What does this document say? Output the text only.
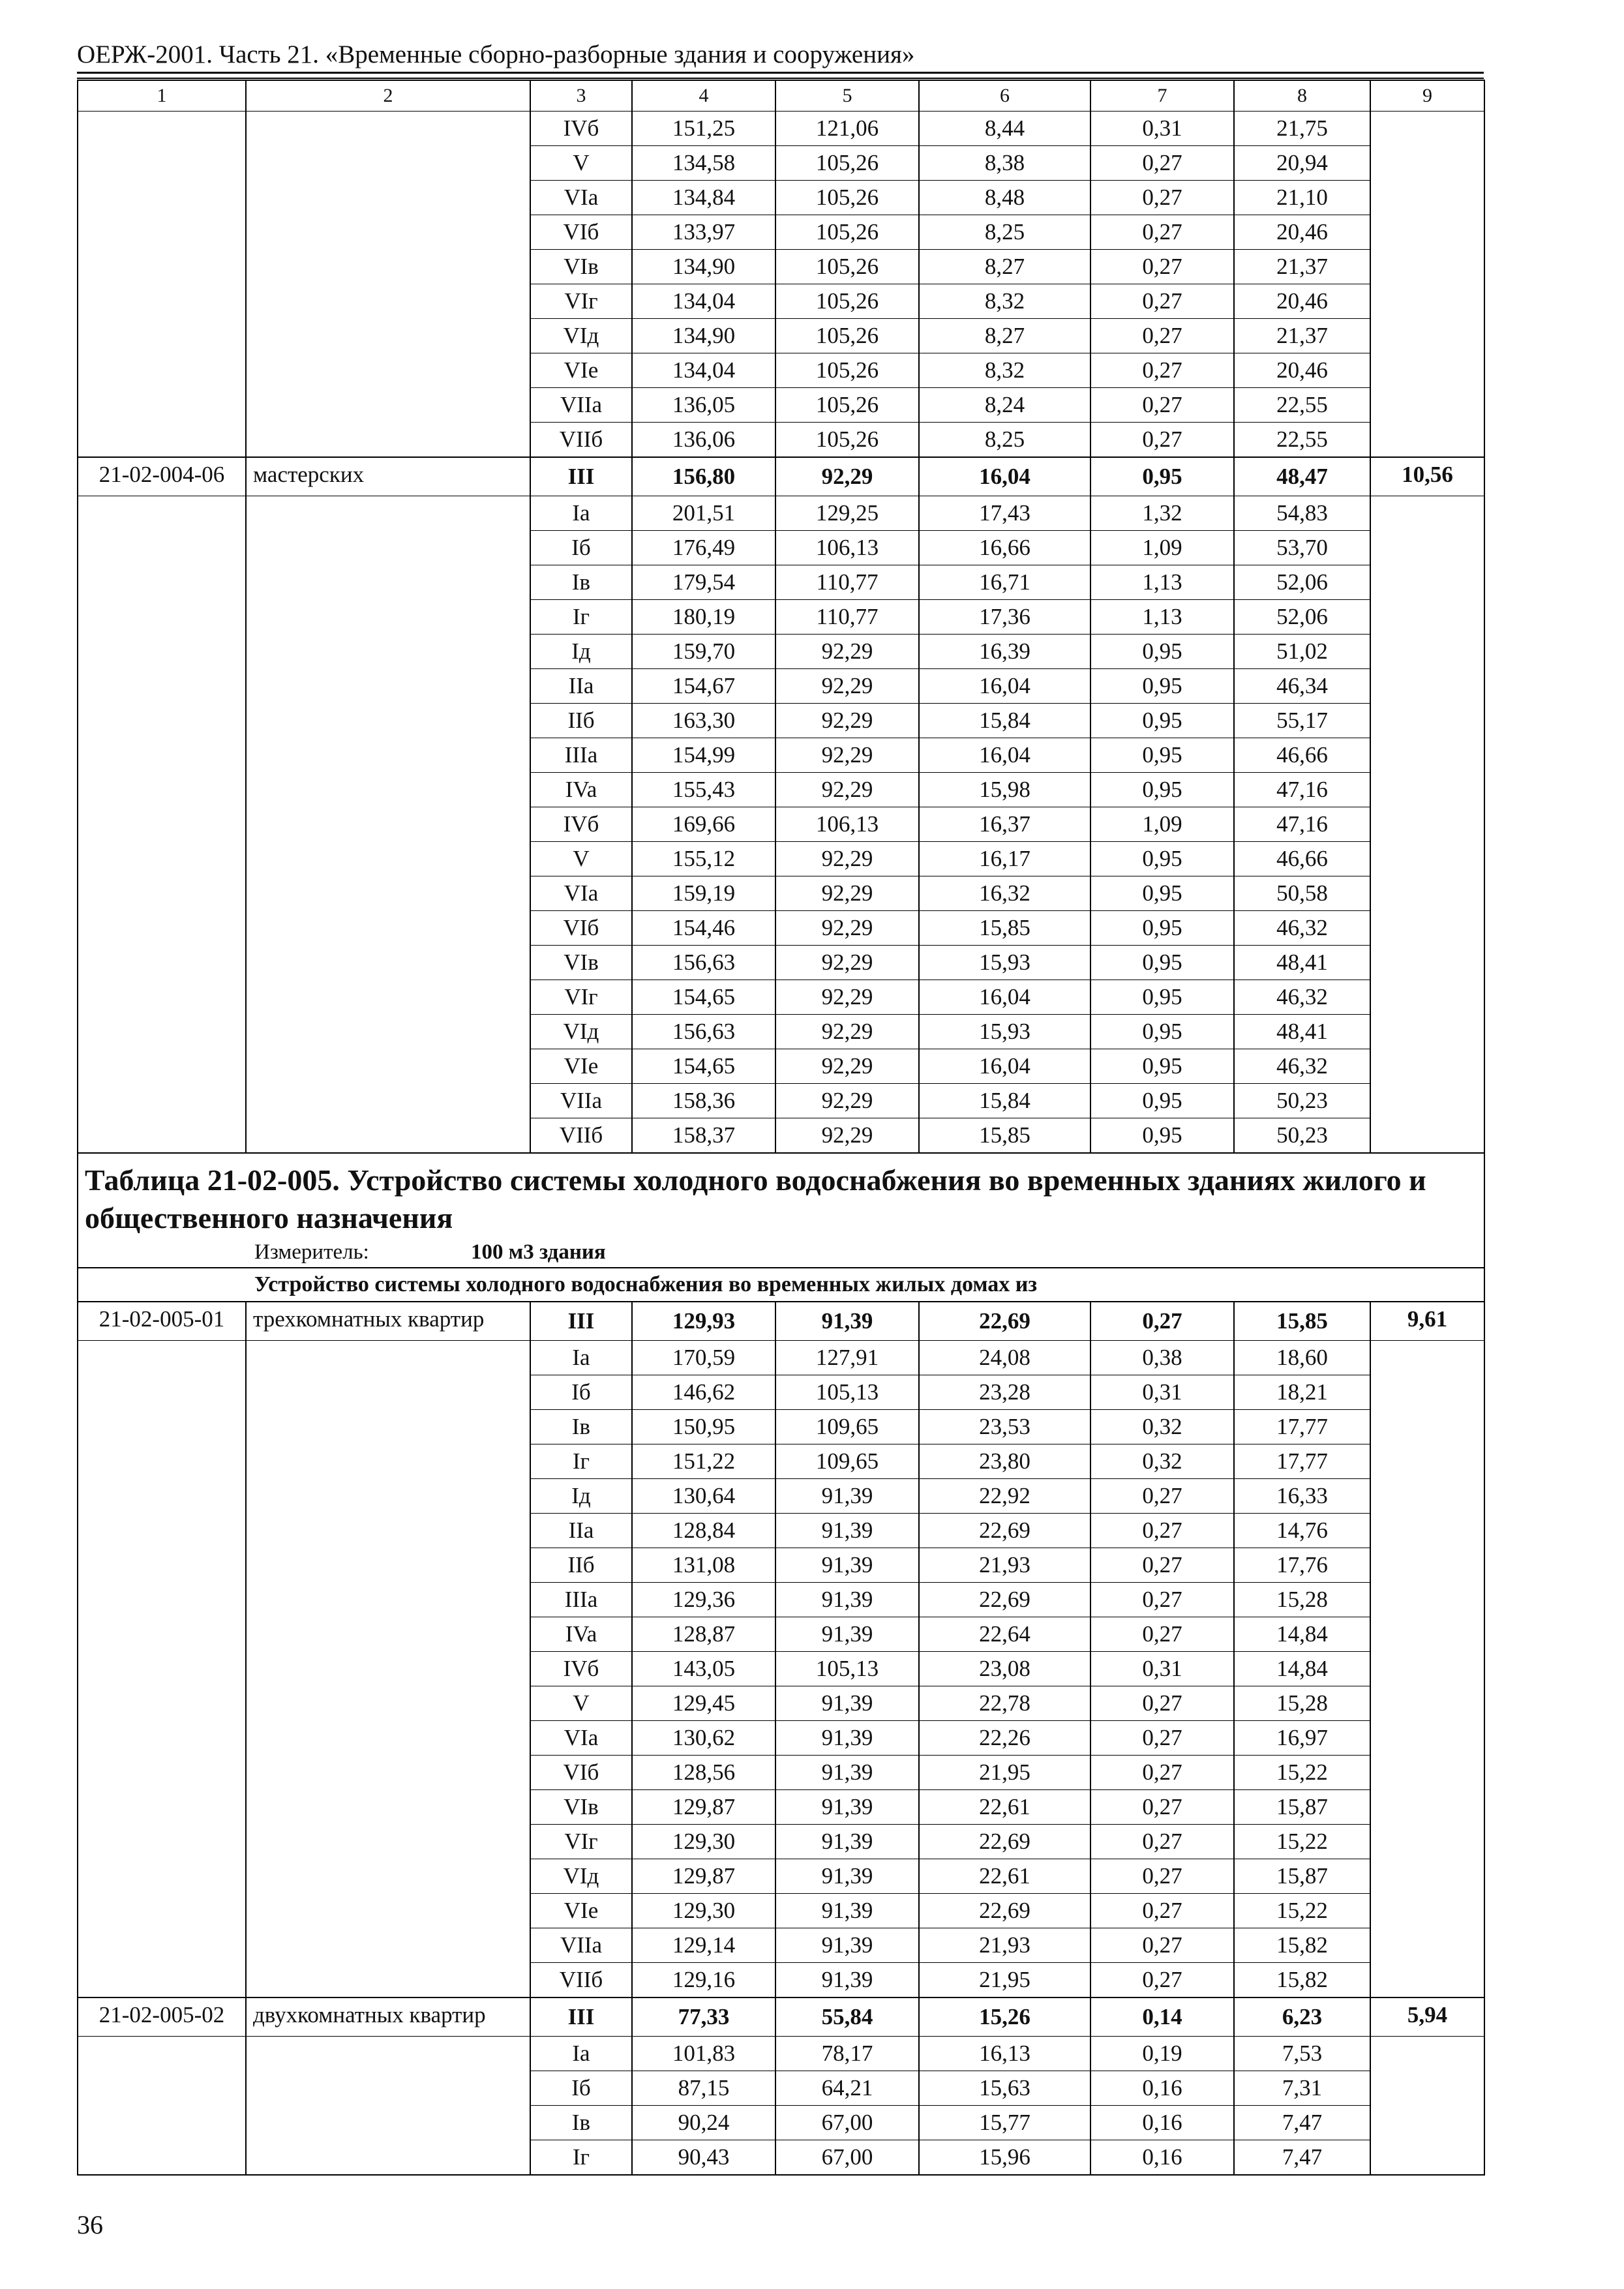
ОЕРЖ-2001. Часть 21. «Временные сборно-разборные здания и сооружения»
1	2	3	4	5	6	7	8	9
		IVб	151,25	121,06	8,44	0,31	21,75	
		V	134,58	105,26	8,38	0,27	20,94	
		VIa	134,84	105,26	8,48	0,27	21,10	
		VIб	133,97	105,26	8,25	0,27	20,46	
		VIв	134,90	105,26	8,27	0,27	21,37	
		VIг	134,04	105,26	8,32	0,27	20,46	
		VIд	134,90	105,26	8,27	0,27	21,37	
		VIe	134,04	105,26	8,32	0,27	20,46	
		VIIa	136,05	105,26	8,24	0,27	22,55	
		VIIб	136,06	105,26	8,25	0,27	22,55	
21-02-004-06	мастерских	III	156,80	92,29	16,04	0,95	48,47	10,56
		Ia	201,51	129,25	17,43	1,32	54,83	
		Iб	176,49	106,13	16,66	1,09	53,70	
		Iв	179,54	110,77	16,71	1,13	52,06	
		Iг	180,19	110,77	17,36	1,13	52,06	
		Iд	159,70	92,29	16,39	0,95	51,02	
		IIa	154,67	92,29	16,04	0,95	46,34	
		IIб	163,30	92,29	15,84	0,95	55,17	
		IIIa	154,99	92,29	16,04	0,95	46,66	
		IVa	155,43	92,29	15,98	0,95	47,16	
		IVб	169,66	106,13	16,37	1,09	47,16	
		V	155,12	92,29	16,17	0,95	46,66	
		VIa	159,19	92,29	16,32	0,95	50,58	
		VIб	154,46	92,29	15,85	0,95	46,32	
		VIв	156,63	92,29	15,93	0,95	48,41	
		VIг	154,65	92,29	16,04	0,95	46,32	
		VIд	156,63	92,29	15,93	0,95	48,41	
		VIe	154,65	92,29	16,04	0,95	46,32	
		VIIa	158,36	92,29	15,84	0,95	50,23	
		VIIб	158,37	92,29	15,85	0,95	50,23	
Таблица 21-02-005. Устройство системы холодного водоснабжения во временных зданиях жилого и общественного назначения								
Измеритель: 100 м3 здания								
Устройство системы холодного водоснабжения во временных жилых домах из								
21-02-005-01	трехкомнатных квартир	III	129,93	91,39	22,69	0,27	15,85	9,61
		Ia	170,59	127,91	24,08	0,38	18,60	
		Iб	146,62	105,13	23,28	0,31	18,21	
		Iв	150,95	109,65	23,53	0,32	17,77	
		Iг	151,22	109,65	23,80	0,32	17,77	
		Iд	130,64	91,39	22,92	0,27	16,33	
		IIa	128,84	91,39	22,69	0,27	14,76	
		IIб	131,08	91,39	21,93	0,27	17,76	
		IIIa	129,36	91,39	22,69	0,27	15,28	
		IVa	128,87	91,39	22,64	0,27	14,84	
		IVб	143,05	105,13	23,08	0,31	14,84	
		V	129,45	91,39	22,78	0,27	15,28	
		VIa	130,62	91,39	22,26	0,27	16,97	
		VIб	128,56	91,39	21,95	0,27	15,22	
		VIв	129,87	91,39	22,61	0,27	15,87	
		VIг	129,30	91,39	22,69	0,27	15,22	
		VIд	129,87	91,39	22,61	0,27	15,87	
		VIe	129,30	91,39	22,69	0,27	15,22	
		VIIa	129,14	91,39	21,93	0,27	15,82	
		VIIб	129,16	91,39	21,95	0,27	15,82	
21-02-005-02	двухкомнатных квартир	III	77,33	55,84	15,26	0,14	6,23	5,94
		Ia	101,83	78,17	16,13	0,19	7,53	
		Iб	87,15	64,21	15,63	0,16	7,31	
		Iв	90,24	67,00	15,77	0,16	7,47	
		Iг	90,43	67,00	15,96	0,16	7,47	
36
